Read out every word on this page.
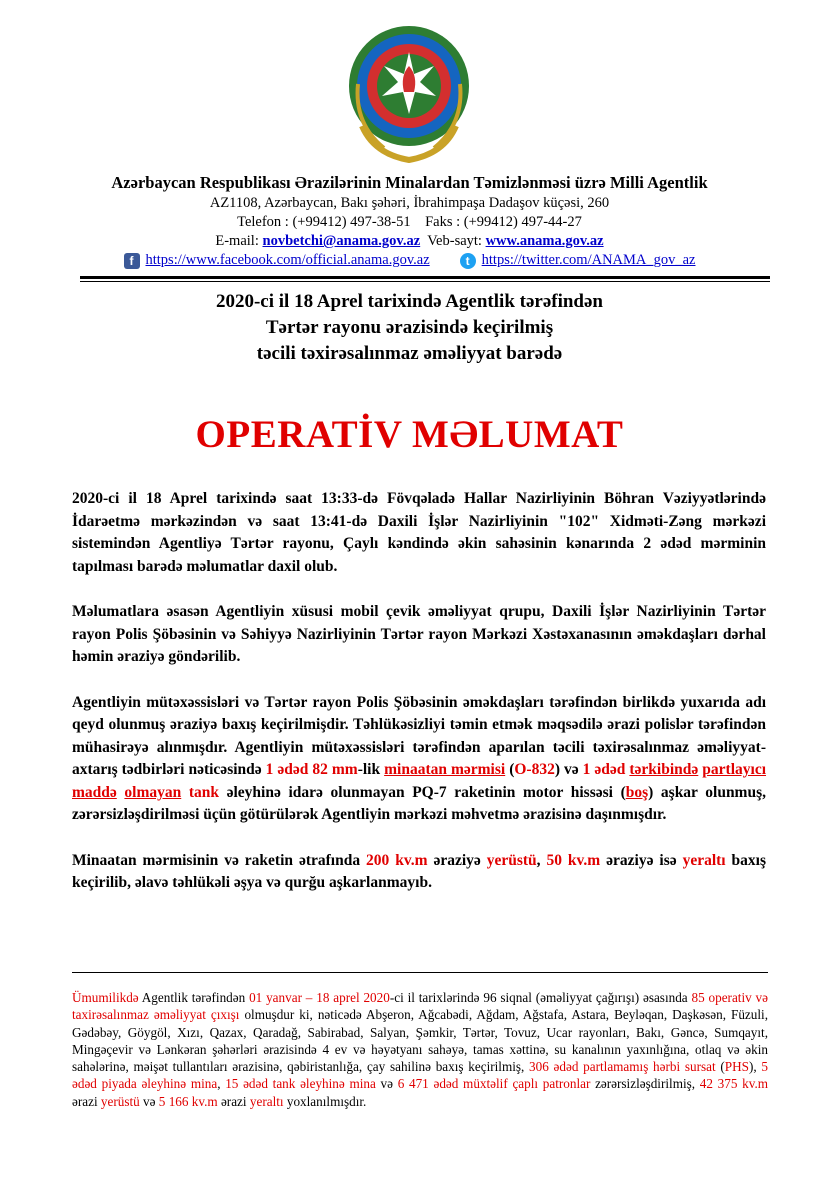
Azərbaycan Respublikası Ərazilərinin Minalardan Təmizlənməsi üzrə Milli Agentlik
AZ1108, Azərbaycan, Bakı şəhəri, İbrahimpaşa Dadaşov küçəsi, 260
Telefon : (+99412) 497-38-51 Faks : (+99412) 497-44-27
E-mail: novbetchi@anama.gov.az Veb-sayt: www.anama.gov.az
f https://www.facebook.com/official.anama.gov.az	t https://twitter.com/ANAMA_gov_az
2020-ci il 18 Aprel tarixində Agentlik tərəfindən
Tərtər rayonu ərazisində keçirilmiş
təcili təxirəsalınmaz əməliyyat barədə
OPERATİV MƏLUMAT

2020-ci il 18 Aprel tarixində saat 13:33-də Fövqəladə Hallar Nazirliyinin Böhran Vəziyyətlərində İdarəetmə mərkəzindən və saat 13:41-də Daxili İşlər Nazirliyinin "102" Xidməti-Zəng mərkəzi sistemindən Agentliyə Tərtər rayonu, Çaylı kəndində əkin sahəsinin kənarında 2 ədəd mərminin tapılması barədə məlumatlar daxil olub.

Məlumatlara əsasən Agentliyin xüsusi mobil çevik əməliyyat qrupu, Daxili İşlər Nazirliyinin Tərtər rayon Polis Şöbəsinin və Səhiyyə Nazirliyinin Tərtər rayon Mərkəzi Xəstəxanasının əməkdaşları dərhal həmin əraziyə göndərilib.

Agentliyin mütəxəssisləri və Tərtər rayon Polis Şöbəsinin əməkdaşları tərəfindən birlikdə yuxarıda adı qeyd olunmuş əraziyə baxış keçirilmişdir. Təhlükəsizliyi təmin etmək məqsədilə ərazi polislər tərəfindən mühasirəyə alınmışdır. Agentliyin mütəxəssisləri tərəfindən aparılan təcili təxirəsalınmaz əməliyyat-axtarış tədbirləri nəticəsində 1 ədəd 82 mm-lik minaatan mərmisi (O-832) və 1 ədəd tərkibində partlayıcı maddə olmayan tank əleyhinə idarə olunmayan PQ-7 raketinin motor hissəsi (boş) aşkar olunmuş, zərərsizləşdirilməsi üçün götürülərək Agentliyin mərkəzi məhvetmə ərazisinə daşınmışdır.

Minaatan mərmisinin və raketin ətrafında 200 kv.m əraziyə yerüstü, 50 kv.m əraziyə isə yeraltı baxış keçirilib, əlavə təhlükəli əşya və qurğu aşkarlanmayıb.

Ümumilikdə Agentlik tərəfindən 01 yanvar – 18 aprel 2020-ci il tarixlərində 96 siqnal (əməliyyat çağırışı) əsasında 85 operativ və taxirəsalınmaz əməliyyat çıxışı olmuşdur ki, nəticədə Abşeron, Ağcabədi, Ağdam, Ağstafa, Astara, Beyləqan, Daşkəsən, Füzuli, Gədəbəy, Göygöl, Xızı, Qazax, Qaradağ, Sabirabad, Salyan, Şəmkir, Tərtər, Tovuz, Ucar rayonları, Bakı, Gəncə, Sumqayıt, Mingəçevir və Lənkəran şəhərləri ərazisində 4 ev və həyətyanı sahəyə, tamas xəttinə, su kanalının yaxınlığına, otlaq və əkin sahələrinə, məişət tullantıları ərazisinə, qəbiristanlığa, çay sahilinə baxış keçirilmiş, 306 ədəd partlamamış hərbi sursat (PHS), 5 ədəd piyada əleyhinə mina, 15 ədəd tank əleyhinə mina və 6 471 ədəd müxtəlif çaplı patronlar zərərsizləşdirilmiş, 42 375 kv.m ərazi yerüstü və 5 166 kv.m ərazi yeraltı yoxlanılmışdır.
